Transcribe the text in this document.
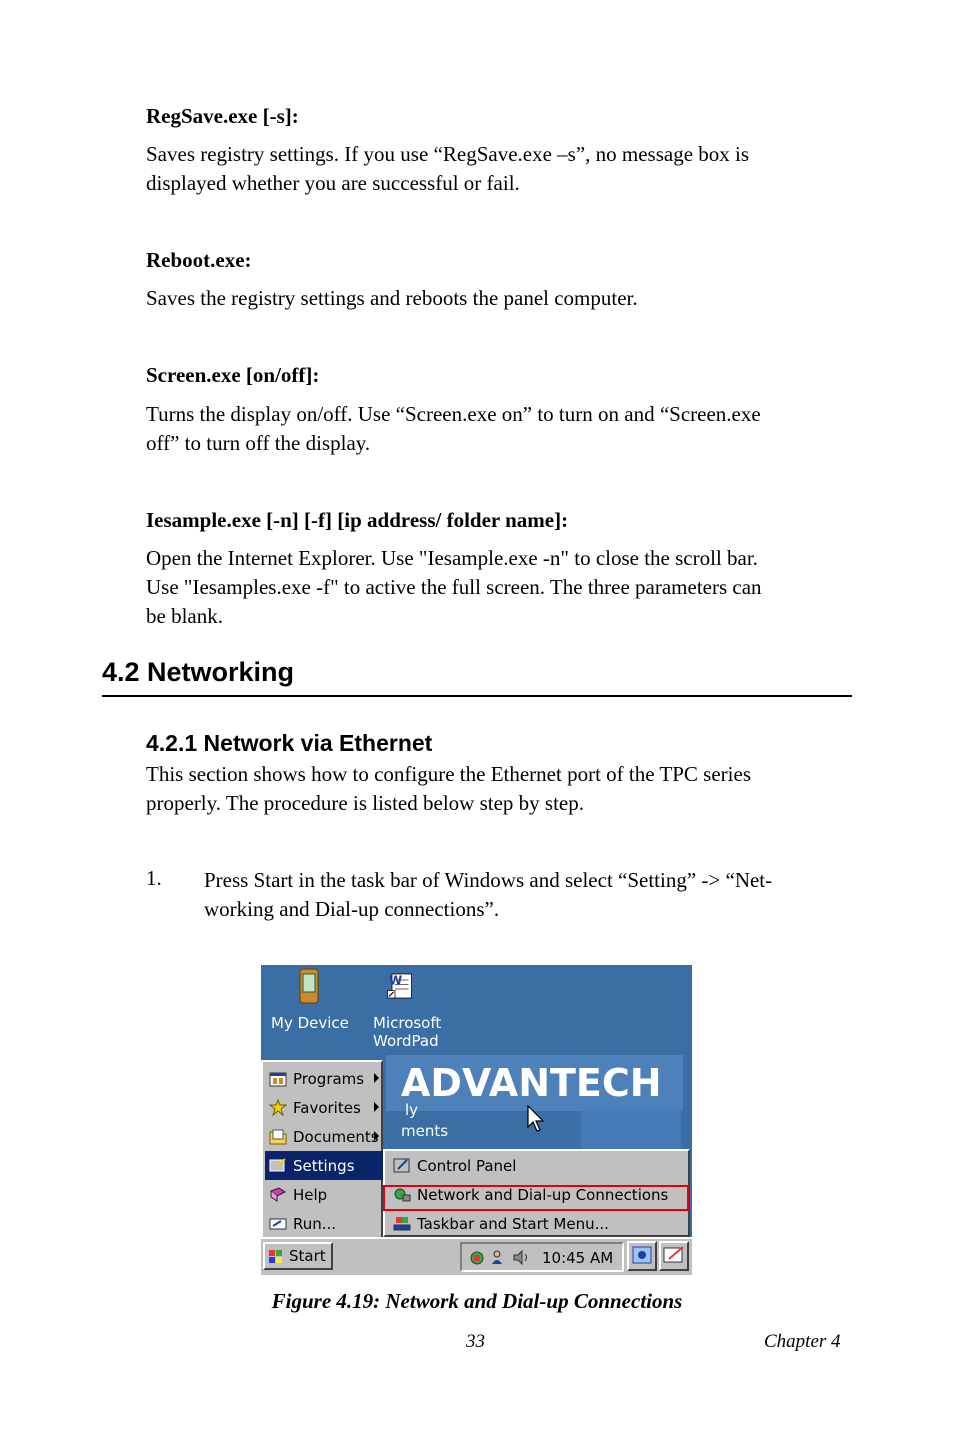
RegSave.exe [-s]:
Saves registry settings. If you use “RegSave.exe –s”, no message box is
displayed whether you are successful or fail.
Reboot.exe:
Saves the registry settings and reboots the panel computer.
Screen.exe [on/off]:
Turns the display on/off. Use “Screen.exe on” to turn on and “Screen.exe
off” to turn off the display.
Iesample.exe [-n] [-f] [ip address/ folder name]:
Open the Internet Explorer. Use "Iesample.exe -n" to close the scroll bar.
Use "Iesamples.exe -f" to active the full screen. The three parameters can
be blank.
4.2 Networking
4.2.1 Network via Ethernet
This section shows how to configure the Ethernet port of the TPC series
properly. The procedure is listed below step by step.
1. Press Start in the task bar of Windows and select “Setting” -> “Net-
working and Dial-up connections”.
ADVANTECH
My Device
W
Microsoft
WordPad
ly
ments
Programs
Favorites
Documents
Settings
Help
Run...
Control Panel
Network and Dial-up Connections
Taskbar and Start Menu...
Start	10:45 AM
Figure 4.19: Network and Dial-up Connections
33	Chapter 4
